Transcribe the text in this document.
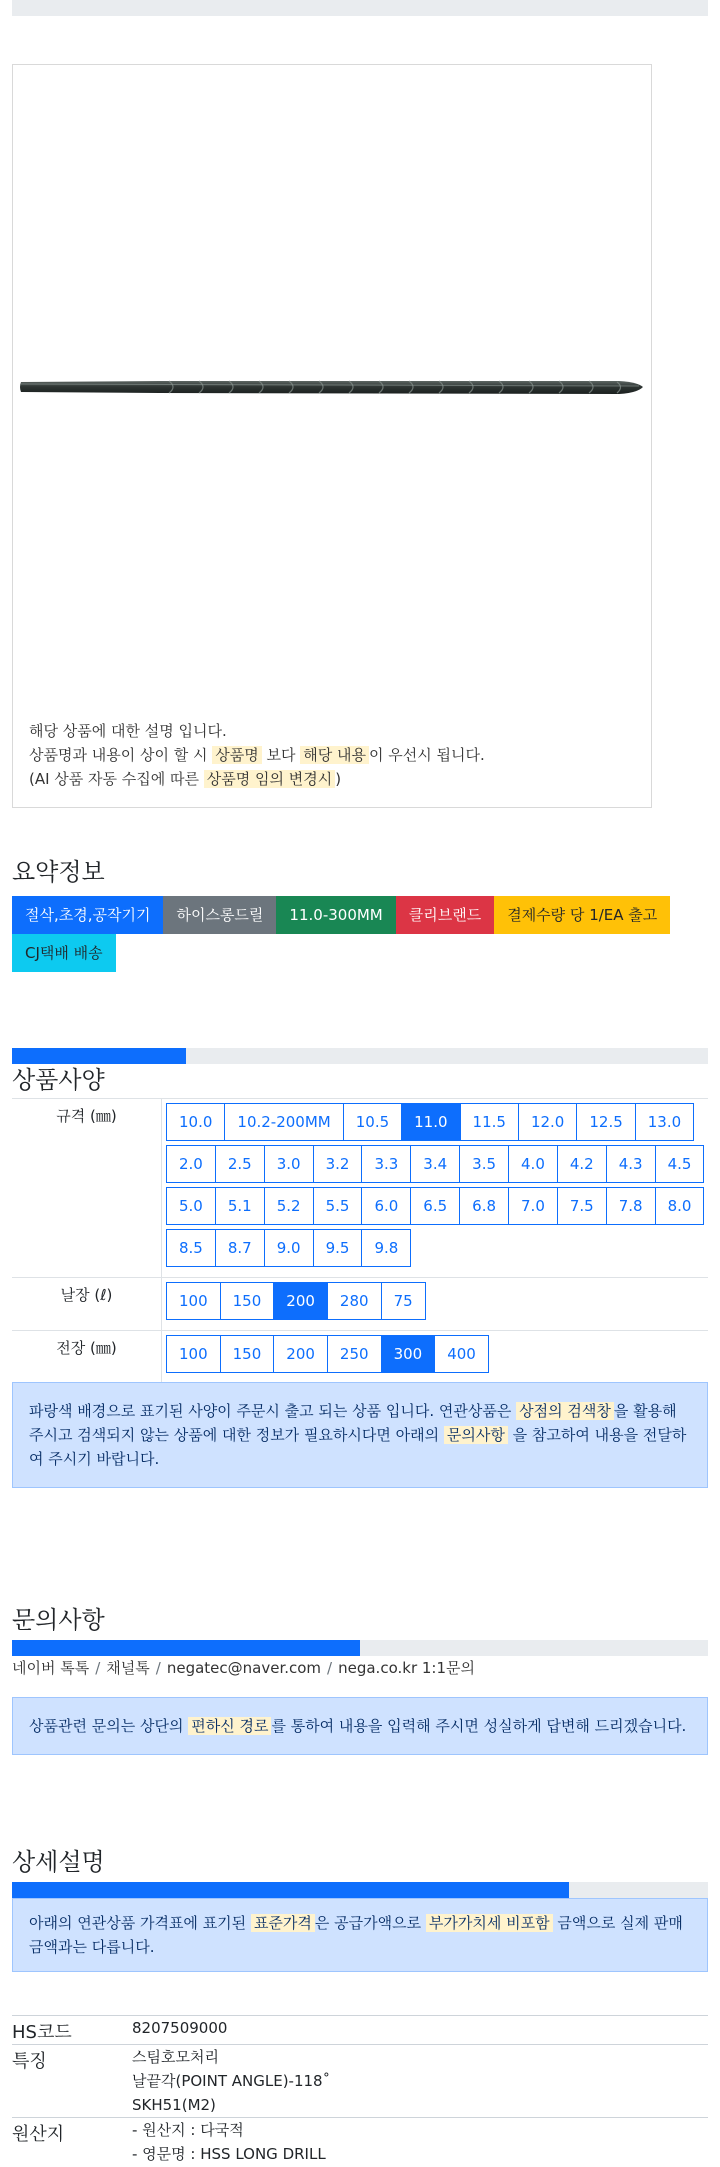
해당 상품에 대한 설명 입니다.
상품명과 내용이 상이 할 시 상품명 보다 해당 내용 이 우선시 됩니다.
(AI 상품 자동 수집에 따른 상품명 임의 변경시 )
요약정보
절삭,초경,공작기기	하이스롱드릴	11.0-300MM	클리브랜드	결제수량 당 1/EA 출고
CJ택배 배송
상품사양
규격 (㎜)	10.0	10.2-200MM	10.5	11.0	11.5	12.0	12.5	13.0
2.0	2.5	3.0	3.2	3.3	3.4	3.5	4.0	4.2	4.3	4.5
5.0	5.1	5.2	5.5	6.0	6.5	6.8	7.0	7.5	7.8	8.0
8.5	8.7	9.0	9.5	9.8
날장 (ℓ)	100	150	200	280	75
전장 (㎜)	100	150	200	250	300	400
파랑색 배경으로 표기된 사양이 주문시 출고 되는 상품 입니다. 연관상품은 상점의 검색창 을 활용해 주시고 검색되지 않는 상품에 대한 정보가 필요하시다면 아래의 문의사항 을 참고하여 내용을 전달하여 주시기 바랍니다.
문의사항
네이버 톡톡 / 채널톡 / negatec@naver.com / nega.co.kr 1:1문의
상품관련 문의는 상단의 편하신 경로 를 통하여 내용을 입력해 주시면 성실하게 답변해 드리겠습니다.
상세설명
아래의 연관상품 가격표에 표기된 표준가격 은 공급가액으로 부가가치세 비포함 금액으로 실제 판매금액과는 다릅니다.
HS코드	8207509000
특징	스팀호모처리
날끝각(POINT ANGLE)-118˚
SKH51(M2)
원산지	- 원산지 : 다국적
- 영문명 : HSS LONG DRILL
